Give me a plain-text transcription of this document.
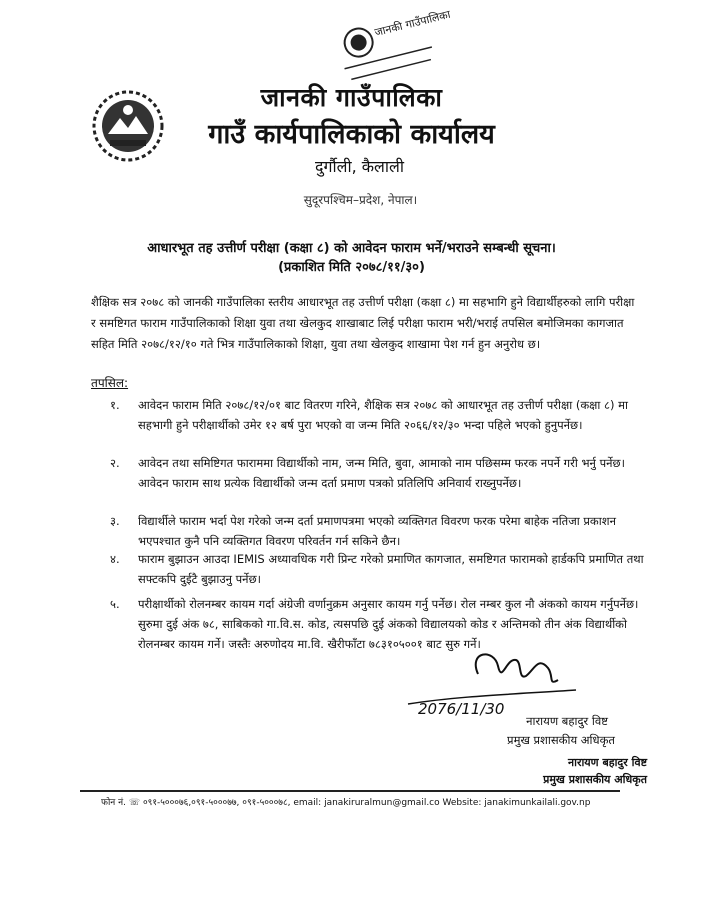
जानकी गाउँपालिका
जानकी गाउँपालिका
गाउँ कार्यपालिकाको कार्यालय
दुर्गौली, कैलाली
सुदूरपश्चिम–प्रदेश, नेपाल।
आधारभूत तह उत्तीर्ण परीक्षा (कक्षा ८) को आवेदन फाराम भर्ने/भराउने सम्बन्धी सूचना।
(प्रकाशित मिति २०७८/११/३०)
शैक्षिक सत्र २०७८ को जानकी गाउँपालिका स्तरीय आधारभूत तह उत्तीर्ण परीक्षा (कक्षा ८) मा सहभागि हुने विद्यार्थीहरुको लागि परीक्षा र समष्टिगत फाराम गाउँपालिकाको शिक्षा युवा तथा खेलकुद शाखाबाट लिई परीक्षा फाराम भरी/भराई तपसिल बमोजिमका कागजात सहित मिति २०७८/१२/१० गते भित्र गाउँपालिकाको शिक्षा, युवा तथा खेलकुद शाखामा पेश गर्न हुन अनुरोध छ।
तपसिल:
१.	आवेदन फाराम मिति २०७८/१२/०१ बाट वितरण गरिने, शैक्षिक सत्र २०७८ को आधारभूत तह उत्तीर्ण परीक्षा (कक्षा ८) मा सहभागी हुने परीक्षार्थीको उमेर १२ बर्ष पुरा भएको वा जन्म मिति २०६६/१२/३० भन्दा पहिले भएको हुनुपर्नेछ।
२.	आवेदन तथा समिष्टिगत फाराममा विद्यार्थीको नाम, जन्म मिति, बुवा, आमाको नाम पछिसम्म फरक नपर्ने गरी भर्नु पर्नेछ। आवेदन फाराम साथ प्रत्येक विद्यार्थीको जन्म दर्ता प्रमाण पत्रको प्रतिलिपि अनिवार्य राख्नुपर्नेछ।
३.	विद्यार्थीले फाराम भर्दा पेश गरेको जन्म दर्ता प्रमाणपत्रमा भएको व्यक्तिगत विवरण फरक परेमा बाहेक नतिजा प्रकाशन भएपश्चात कुनै पनि व्यक्तिगत विवरण परिवर्तन गर्न सकिने छैन।
४.	फाराम बुझाउन आउदा IEMIS अध्यावधिक गरी प्रिन्ट गरेको प्रमाणित कागजात, समष्टिगत फारामको हार्डकपि प्रमाणित तथा सफ्टकपि दुईटै बुझाउनु पर्नेछ।
५.	परीक्षार्थीको रोलनम्बर कायम गर्दा अंग्रेजी वर्णानुक्रम अनुसार कायम गर्नु पर्नेछ। रोल नम्बर कुल नौ अंकको कायम गर्नुपर्नेछ। सुरुमा दुई अंक ७८, साबिकको गा.वि.स. कोड, त्यसपछि दुई अंकको विद्यालयको कोड र अन्तिमको तीन अंक विद्यार्थीको रोलनम्बर कायम गर्ने। जस्तैः अरुणोदय मा.वि. खैरीफाँटा ७८३१०५००१ बाट सुरु गर्ने।
2076/11/30
नारायण बहादुर विष्ट
प्रमुख प्रशासकीय अधिकृत
नारायण बहादुर विष्ट
प्रमुख प्रशासकीय अधिकृत
फोन नं. ☏ ०९१-५०००७६,०९१-५०००७७, ०९१-५०००७८, email: janakiruralmun@gmail.co Website: janakimunkailali.gov.np
